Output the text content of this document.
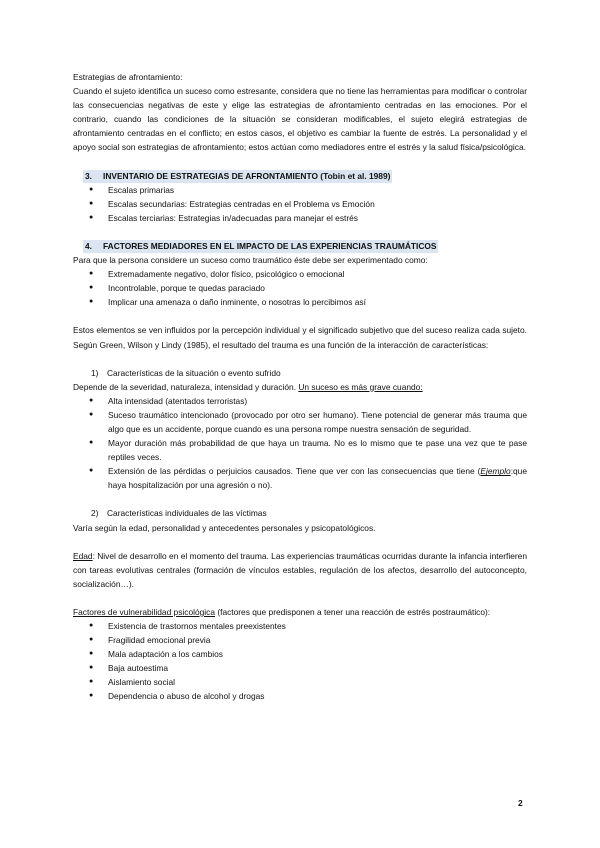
Estrategias de afrontamiento:

Cuando el sujeto identifica un suceso como estresante, considera que no tiene las herramientas para modificar o controlar las consecuencias negativas de este y elige las estrategias de afrontamiento centradas en las emociones. Por el contrario, cuando las condiciones de la situación se consideran modificables, el sujeto elegirá estrategias de afrontamiento centradas en el conflicto; en estos casos, el objetivo es cambiar la fuente de estrés. La personalidad y el apoyo social son estrategias de afrontamiento; estos actúan como mediadores entre el estrés y la salud física/psicológica.

3. INVENTARIO DE ESTRATEGIAS DE AFRONTAMIENTO (Tobin et al. 1989)
● Escalas primarias
● Escalas secundarias: Estrategias centradas en el Problema vs Emoción
● Escalas terciarias: Estrategias in/adecuadas para manejar el estrés
4. FACTORES MEDIADORES EN EL IMPACTO DE LAS EXPERIENCIAS TRAUMÁTICOS

Para que la persona considere un suceso como traumático éste debe ser experimentado como:

● Extremadamente negativo, dolor físico, psicológico o emocional
● Incontrolable, porque te quedas paraciado
● Implicar una amenaza o daño inminente, o nosotras lo percibimos así

Estos elementos se ven influidos por la percepción individual y el significado subjetivo que del suceso realiza cada sujeto. Según Green, Wilson y Lindy (1985), el resultado del trauma es una función de la interacción de características:

1) Características de la situación o evento sufrido

Depende de la severidad, naturaleza, intensidad y duración. Un suceso es más grave cuando:

● Alta intensidad (atentados terroristas)
● Suceso traumático intencionado (provocado por otro ser humano). Tiene potencial de generar más trauma que algo que es un accidente, porque cuando es una persona rompe nuestra sensación de seguridad.
● Mayor duración más probabilidad de que haya un trauma. No es lo mismo que te pase una vez que te pase reptiles veces.
● Extensión de las pérdidas o perjuicios causados. Tiene que ver con las consecuencias que tiene (Ejemplo:que haya hospitalización por una agresión o no).
2) Características individuales de las víctimas

Varía según la edad, personalidad y antecedentes personales y psicopatológicos.

Edad: Nivel de desarrollo en el momento del trauma. Las experiencias traumáticas ocurridas durante la infancia interfieren con tareas evolutivas centrales (formación de vínculos estables, regulación de los afectos, desarrollo del autoconcepto, socialización…).

Factores de vulnerabilidad psicológica (factores que predisponen a tener una reacción de estrés postraumático):

● Existencia de trastornos mentales preexistentes
● Fragilidad emocional previa
● Mala adaptación a los cambios
● Baja autoestima
● Aislamiento social
● Dependencia o abuso de alcohol y drogas
2
